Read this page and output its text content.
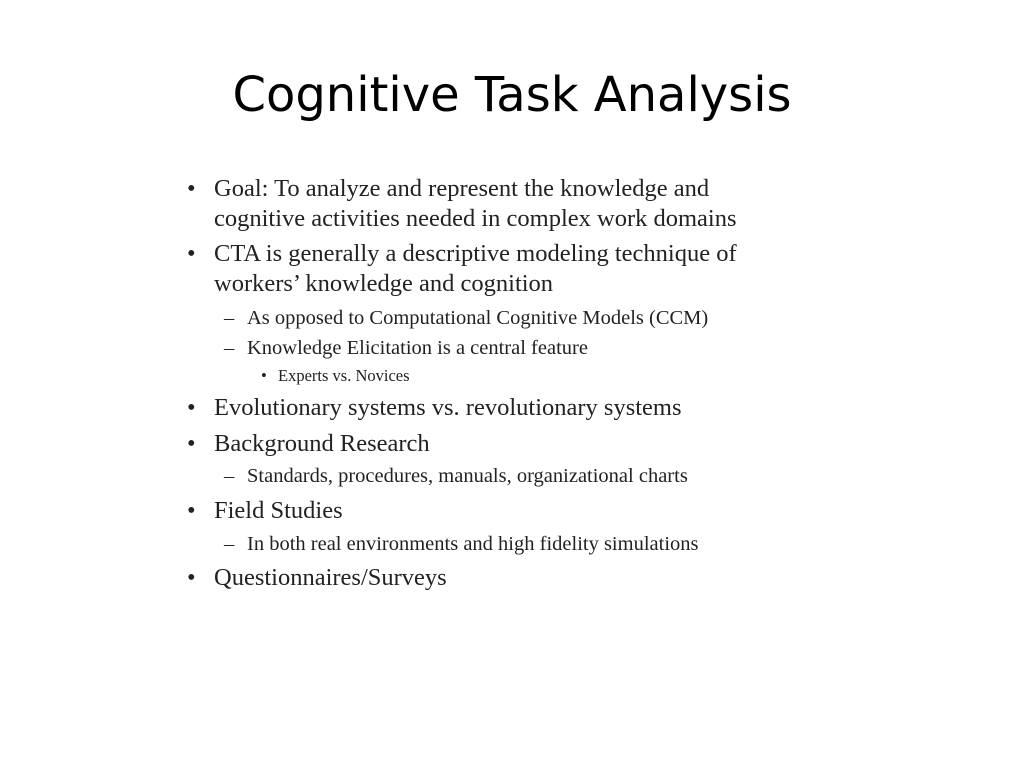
Cognitive Task Analysis
• Goal: To analyze and represent the knowledge and
cognitive activities needed in complex work domains
• CTA is generally a descriptive modeling technique of
workers’ knowledge and cognition
– As opposed to Computational Cognitive Models (CCM)
– Knowledge Elicitation is a central feature
• Experts vs. Novices
• Evolutionary systems vs. revolutionary systems
• Background Research
– Standards, procedures, manuals, organizational charts
• Field Studies
– In both real environments and high fidelity simulations
• Questionnaires/Surveys
